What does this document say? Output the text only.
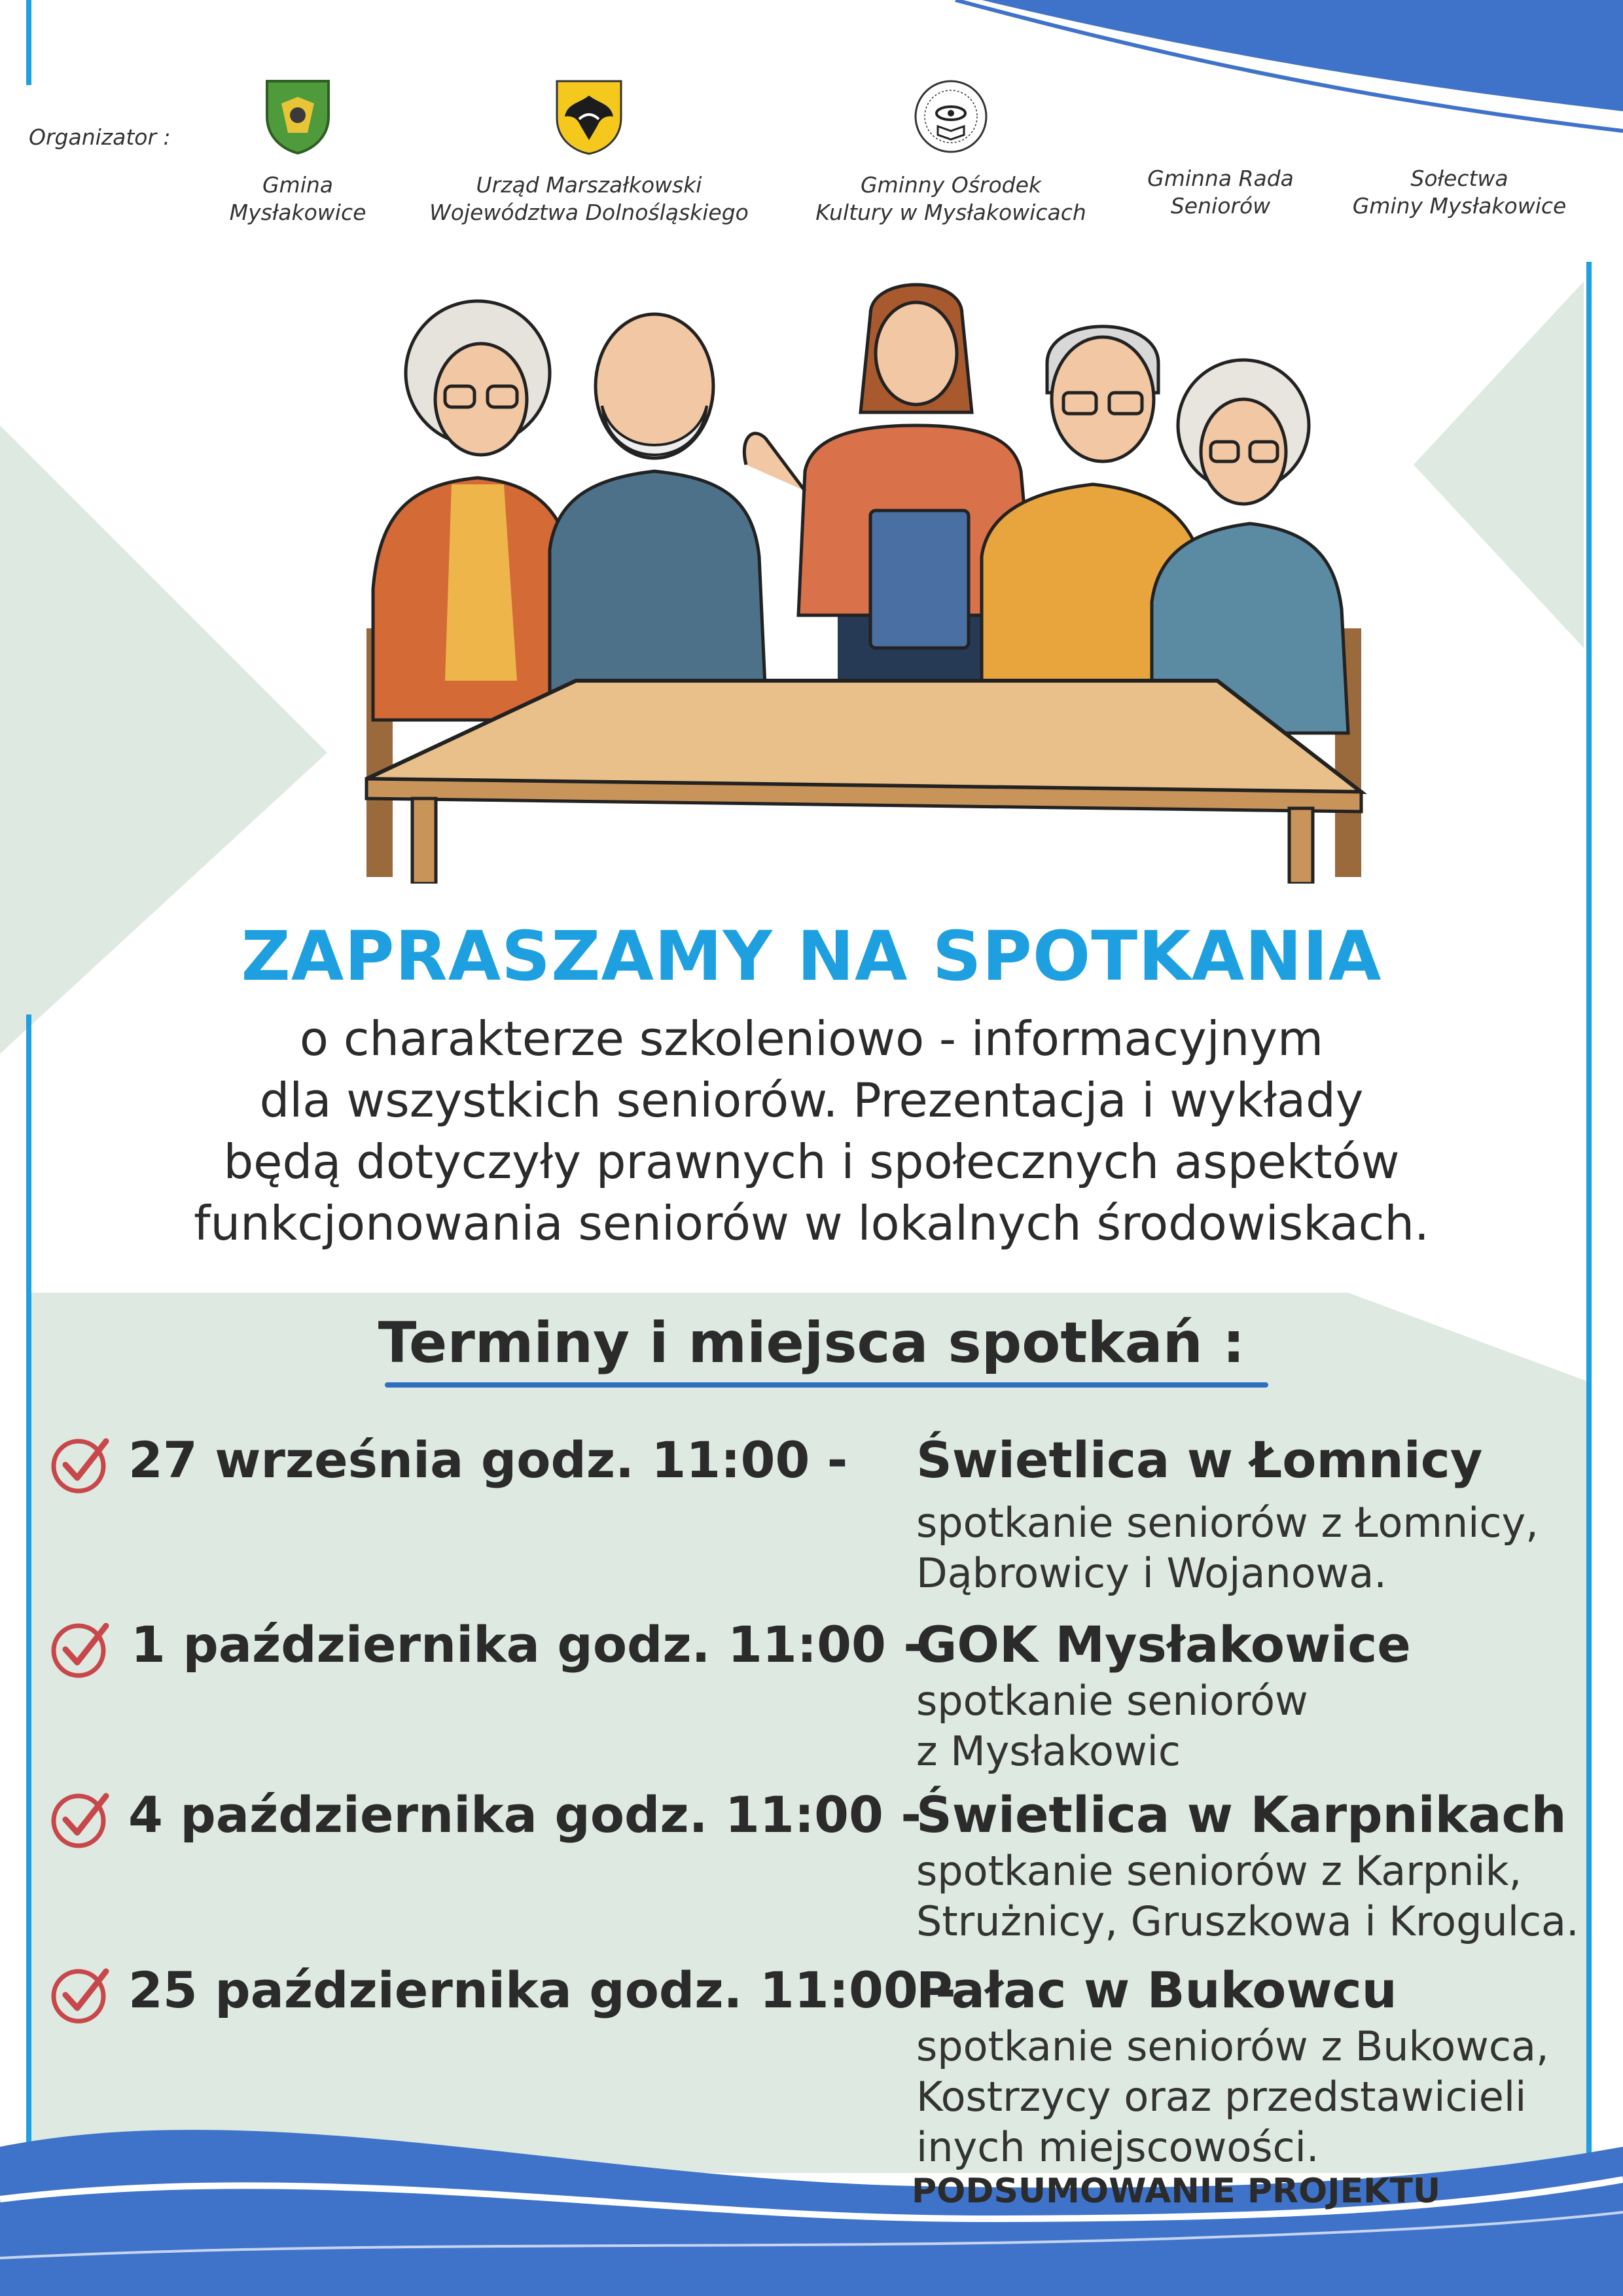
Organizator :
Gmina
Mysłakowice
Urząd Marszałkowski
Województwa Dolnośląskiego
Gminny Ośrodek
Kultury w Mysłakowicach
Gminna Rada
Seniorów
Sołectwa
Gminy Mysłakowice
ZAPRASZAMY NA SPOTKANIA
o charakterze szkoleniowo - informacyjnym
dla wszystkich seniorów. Prezentacja i wykłady
będą dotyczyły prawnych i społecznych aspektów
funkcjonowania seniorów w lokalnych środowiskach.
Terminy i miejsca spotkań :
27 września godz. 11:00 - Świetlica w Łomnicy
spotkanie seniorów z Łomnicy,
Dąbrowicy i Wojanowa.
1 października godz. 11:00 -
GOK Mysłakowice
spotkanie seniorów
z Mysłakowic
4 października godz. 11:00 -
Świetlica w Karpnikach
spotkanie seniorów z Karpnik,
Strużnicy, Gruszkowa i Krogulca.
25 października godz. 11:00 -
Pałac w Bukowcu
spotkanie seniorów z Bukowca,
Kostrzycy oraz przedstawicieli
inych miejscowości.
PODSUMOWANIE PROJEKTU
